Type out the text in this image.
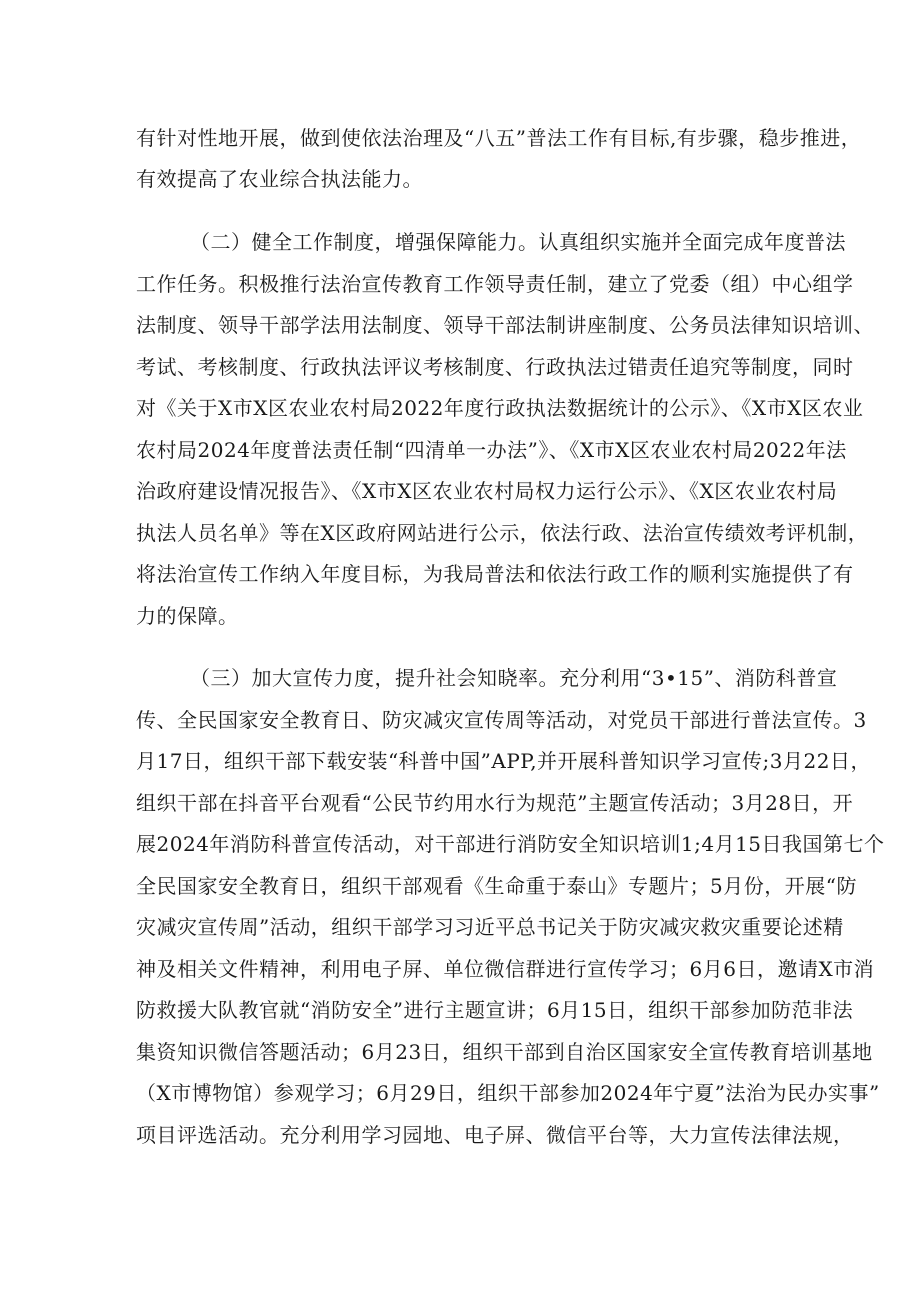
有针对性地开展，做到使依法治理及“八五”普法工作有目标,有步骤，稳步推进，
有效提高了农业综合执法能力。
（二）健全工作制度，增强保障能力。认真组织实施并全面完成年度普法
工作任务。积极推行法治宣传教育工作领导责任制，建立了党委（组）中心组学
法制度、领导干部学法用法制度、领导干部法制讲座制度、公务员法律知识培训、
考试、考核制度、行政执法评议考核制度、行政执法过错责任追究等制度，同时
对《关于X市X区农业农村局2022年度行政执法数据统计的公示》、《X市X区农业
农村局2024年度普法责任制“四清单一办法”》、《X市X区农业农村局2022年法
治政府建设情况报告》、《X市X区农业农村局权力运行公示》、《X区农业农村局
执法人员名单》等在X区政府网站进行公示，依法行政、法治宣传绩效考评机制，
将法治宣传工作纳入年度目标，为我局普法和依法行政工作的顺利实施提供了有
力的保障。
（三）加大宣传力度，提升社会知晓率。充分利用“3•15”、消防科普宣
传、全民国家安全教育日、防灾减灾宣传周等活动，对党员干部进行普法宣传。3
月17日，组织干部下载安装“科普中国”APP,并开展科普知识学习宣传;3月22日，
组织干部在抖音平台观看“公民节约用水行为规范”主题宣传活动；3月28日，开
展2024年消防科普宣传活动，对干部进行消防安全知识培训1;4月15日我国第七个
全民国家安全教育日，组织干部观看《生命重于泰山》专题片；5月份，开展“防
灾减灾宣传周”活动，组织干部学习习近平总书记关于防灾减灾救灾重要论述精
神及相关文件精神，利用电子屏、单位微信群进行宣传学习；6月6日，邀请X市消
防救援大队教官就“消防安全”进行主题宣讲；6月15日，组织干部参加防范非法
集资知识微信答题活动；6月23日，组织干部到自治区国家安全宣传教育培训基地
（X市博物馆）参观学习；6月29日，组织干部参加2024年宁夏”法治为民办实事”
项目评选活动。充分利用学习园地、电子屏、微信平台等，大力宣传法律法规，
